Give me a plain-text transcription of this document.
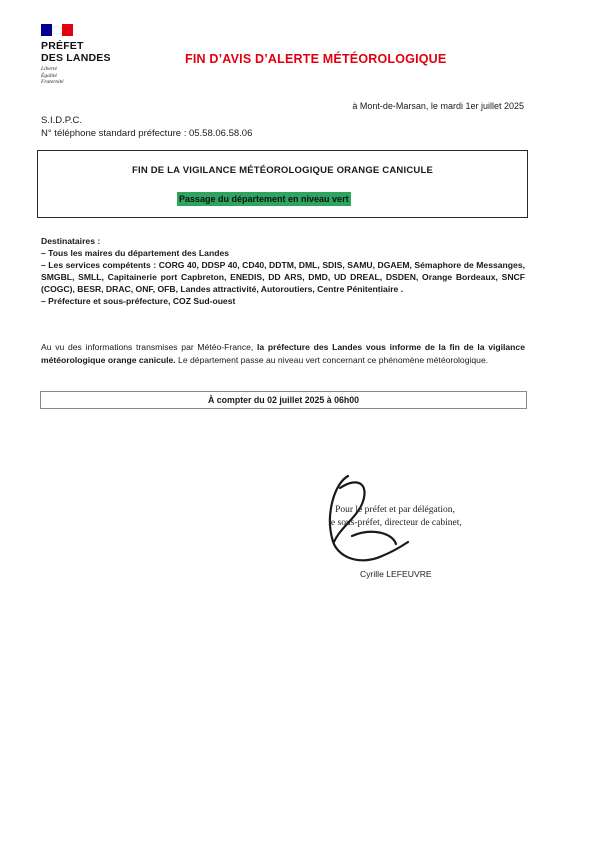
PRÉFET
DES LANDES
Liberté
Égalité
Fraternité
FIN D’AVIS D’ALERTE MÉTÉOROLOGIQUE
à Mont-de-Marsan, le mardi 1er juillet 2025
S.I.D.P.C.
N° téléphone standard préfecture : 05.58.06.58.06
FIN DE LA VIGILANCE MÉTÉOROLOGIQUE ORANGE CANICULE
Passage du département en niveau vert

Destinataires :

– Tous les maires du département des Landes

– Les services compétents : CORG 40, DDSP 40, CD40, DDTM, DML, SDIS, SAMU, DGAEM, Sémaphore de Messanges, SMGBL, SMLL, Capitainerie port Capbreton, ENEDIS, DD ARS, DMD, UD DREAL, DSDEN, Orange Bordeaux, SNCF (COGC), BESR, DRAC, ONF, OFB, Landes attractivité, Autoroutiers, Centre Pénitentiaire .

– Préfecture et sous-préfecture, COZ Sud-ouest

Au vu des informations transmises par Météo-France, la préfecture des Landes vous informe de la fin de la vigilance météorologique orange canicule. Le département passe au niveau vert concernant ce phénomène météorologique.
À compter du 02 juillet 2025 à 06h00
Pour le préfet et par délégation,
le sous-préfet, directeur de cabinet,
Cyrille LEFEUVRE
